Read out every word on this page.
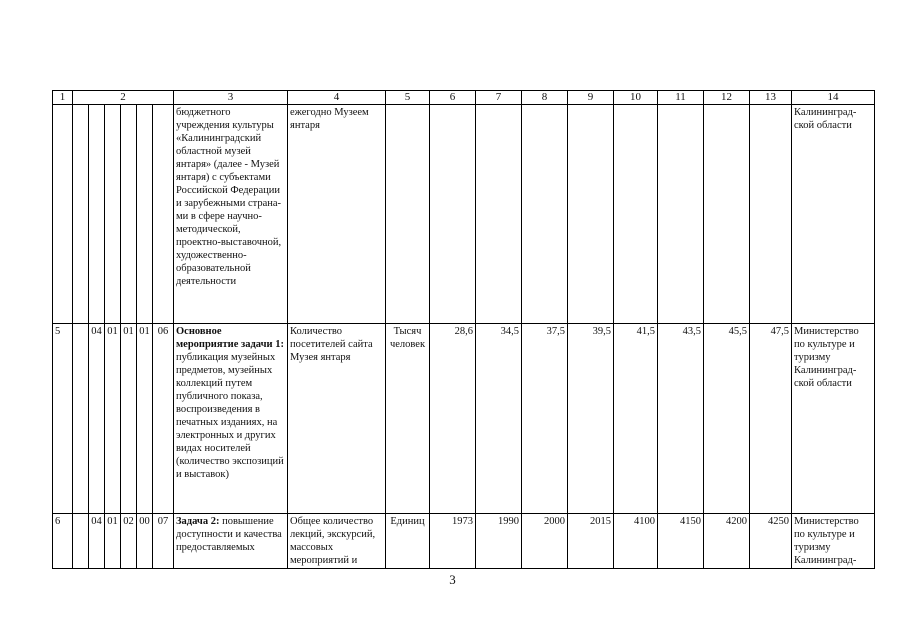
1	2						3	4	5	6	7	8	9	10	11	12	13	14
							бюджетного учреждения культуры «Калининградский областной музей янтаря» (далее - Музей янтаря) с субъектами Российской Федерации и зарубежными страна-ми в сфере научно-методической, проектно-выставочной, художественно-образовательной деятельности	ежегодно Музеем янтаря										Калининград-ской области
5		04	01	01	01	06	Основное мероприятие задачи 1: публикация музейных предметов, музейных коллекций путем публичного показа, воспроизведения в печатных изданиях, на электронных и других видах носителей (количество экспозиций и выставок)	Количество посетителей сайта Музея янтаря	Тысяч человек	28,6	34,5	37,5	39,5	41,5	43,5	45,5	47,5	Министерство по культуре и туризму Калининград-ской области
6		04	01	02	00	07	Задача 2: повышение доступности и качества предоставляемых	Общее количество лекций, экскурсий, массовых мероприятий и	Единиц	1973	1990	2000	2015	4100	4150	4200	4250	Министерство по культуре и туризму Калининград-
3
